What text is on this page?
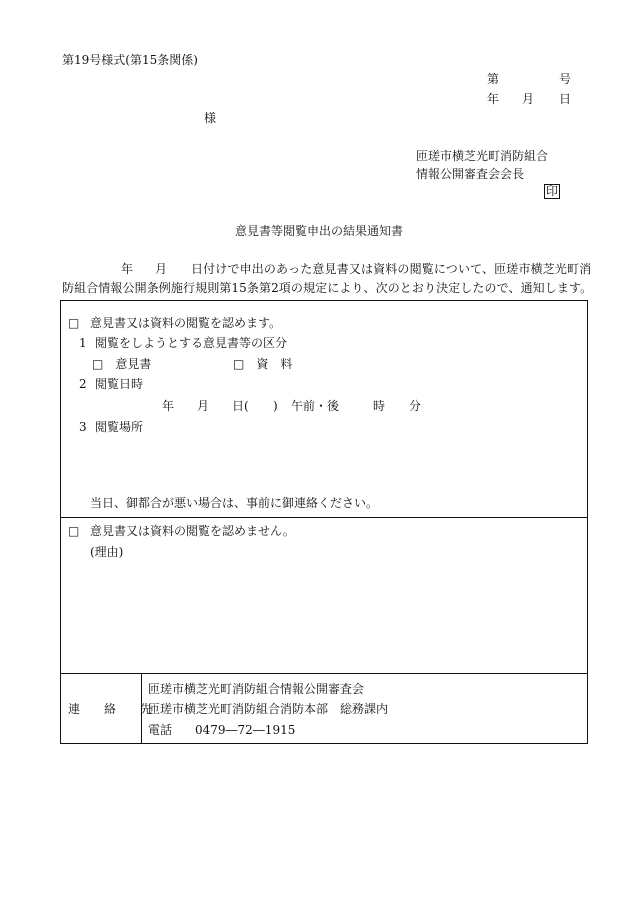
第19号様式(第15条関係)
第	号
年 月 日
様
匝瑳市横芝光町消防組合
情報公開審査会会長
印
意見書等閲覧申出の結果通知書
年 月 日付けで申出のあった意見書又は資料の閲覧について、匝瑳市横芝光町消
防組合情報公開条例施行規則第15条第2項の規定により、次のとおり決定したので、通知します。
□ 意見書又は資料の閲覧を認めます。
1 閲覧をしようとする意見書等の区分
□　意見書	□　資　料
2 閲覧日時
年 月 日( ) 午前・後	時 分
3 閲覧場所
当日、御都合が悪い場合は、事前に御連絡ください。
□ 意見書又は資料の閲覧を認めません。
(理由)
連　　絡　　先
匝瑳市横芝光町消防組合情報公開審査会
匝瑳市横芝光町消防組合消防本部　総務課内
電話 0479―72―1915
